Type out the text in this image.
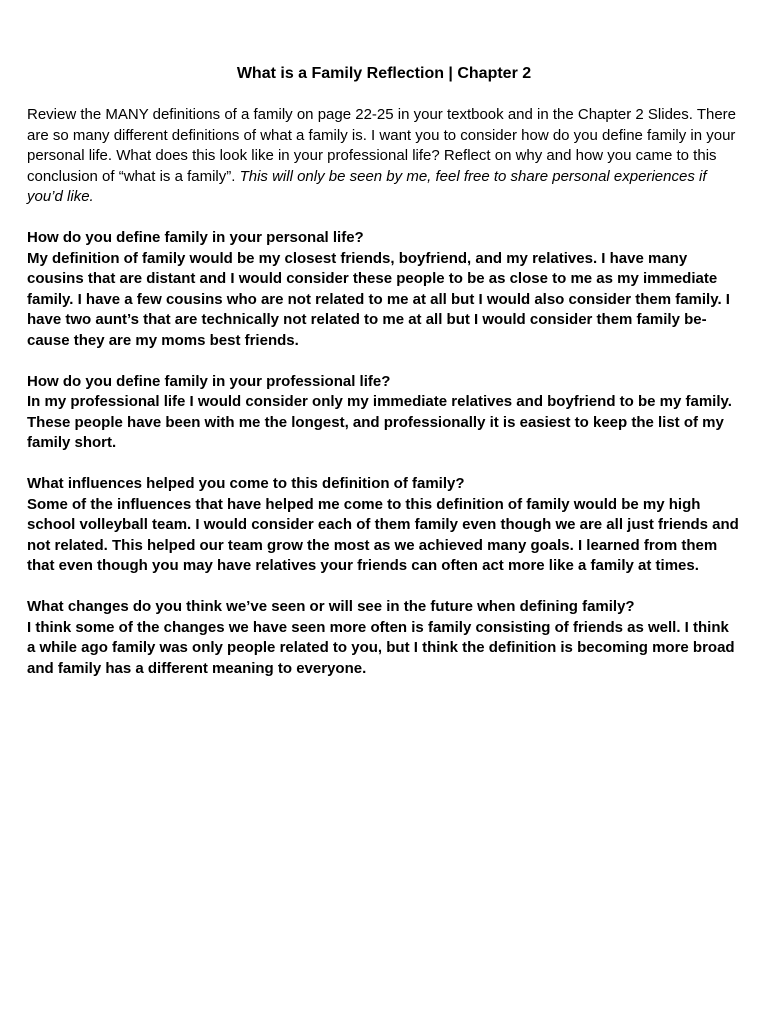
What is a Family Reflection | Chapter 2

Review the MANY definitions of a family on page 22-25 in your textbook and in the Chapter 2 Slides. There are so many different definitions of what a family is. I want you to consider how do you define family in your personal life. What does this look like in your professional life? Reflect on why and how you came to this conclusion of “what is a family”. This will only be seen by me, feel free to share personal experiences if you’d like.

How do you define family in your personal life?

My definition of family would be my closest friends, boyfriend, and my relatives. I have many cousins that are distant and I would consider these people to be as close to me as my immediate family. I have a few cousins who are not related to me at all but I would also consider them family. I have two aunt’s that are technically not related to me at all but I would consider them family be-cause they are my moms best friends.

How do you define family in your professional life?

In my professional life I would consider only my immediate relatives and boyfriend to be my family. These people have been with me the longest, and professionally it is easiest to keep the list of my family short.

What influences helped you come to this definition of family?

Some of the influences that have helped me come to this definition of family would be my high school volleyball team. I would consider each of them family even though we are all just friends and not related. This helped our team grow the most as we achieved many goals. I learned from them that even though you may have relatives your friends can often act more like a family at times.

What changes do you think we’ve seen or will see in the future when defining family?

I think some of the changes we have seen more often is family consisting of friends as well. I think a while ago family was only people related to you, but I think the definition is becoming more broad and family has a different meaning to everyone.
